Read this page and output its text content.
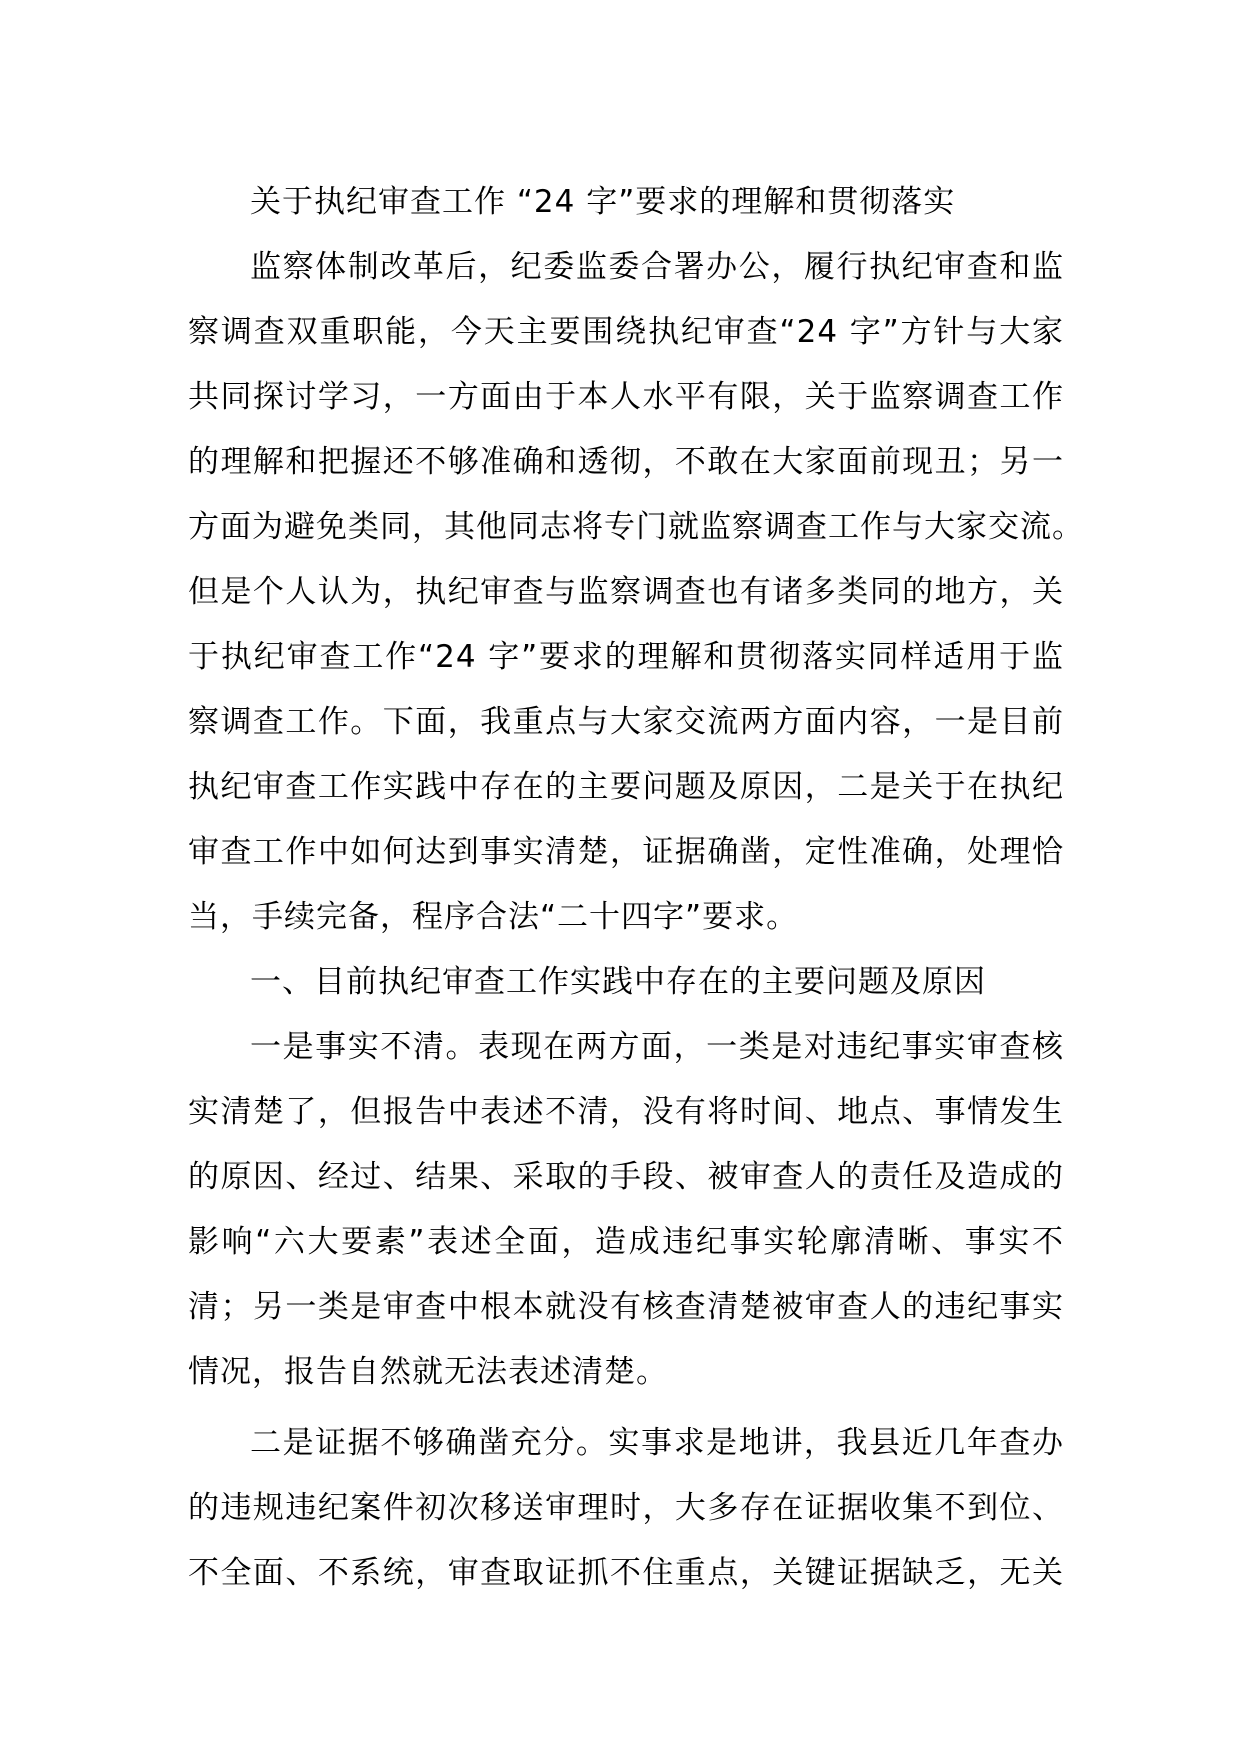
关于执纪审查工作 “24 字”要求的理解和贯彻落实
监察体制改革后，纪委监委合署办公，履行执纪审查和监
察调查双重职能，今天主要围绕执纪审查“24 字”方针与大家
共同探讨学习，一方面由于本人水平有限，关于监察调查工作
的理解和把握还不够准确和透彻，不敢在大家面前现丑；另一
方面为避免类同，其他同志将专门就监察调查工作与大家交流。
但是个人认为，执纪审查与监察调查也有诸多类同的地方，关
于执纪审查工作“24 字”要求的理解和贯彻落实同样适用于监
察调查工作。下面，我重点与大家交流两方面内容，一是目前
执纪审查工作实践中存在的主要问题及原因，二是关于在执纪
审查工作中如何达到事实清楚，证据确凿，定性准确，处理恰
当，手续完备，程序合法“二十四字”要求。
一、目前执纪审查工作实践中存在的主要问题及原因
一是事实不清。表现在两方面，一类是对违纪事实审查核
实清楚了，但报告中表述不清，没有将时间、地点、事情发生
的原因、经过、结果、采取的手段、被审查人的责任及造成的
影响“六大要素”表述全面，造成违纪事实轮廓清晰、事实不
清；另一类是审查中根本就没有核查清楚被审查人的违纪事实
情况，报告自然就无法表述清楚。
二是证据不够确凿充分。实事求是地讲，我县近几年查办
的违规违纪案件初次移送审理时，大多存在证据收集不到位、
不全面、不系统，审查取证抓不住重点，关键证据缺乏，无关
